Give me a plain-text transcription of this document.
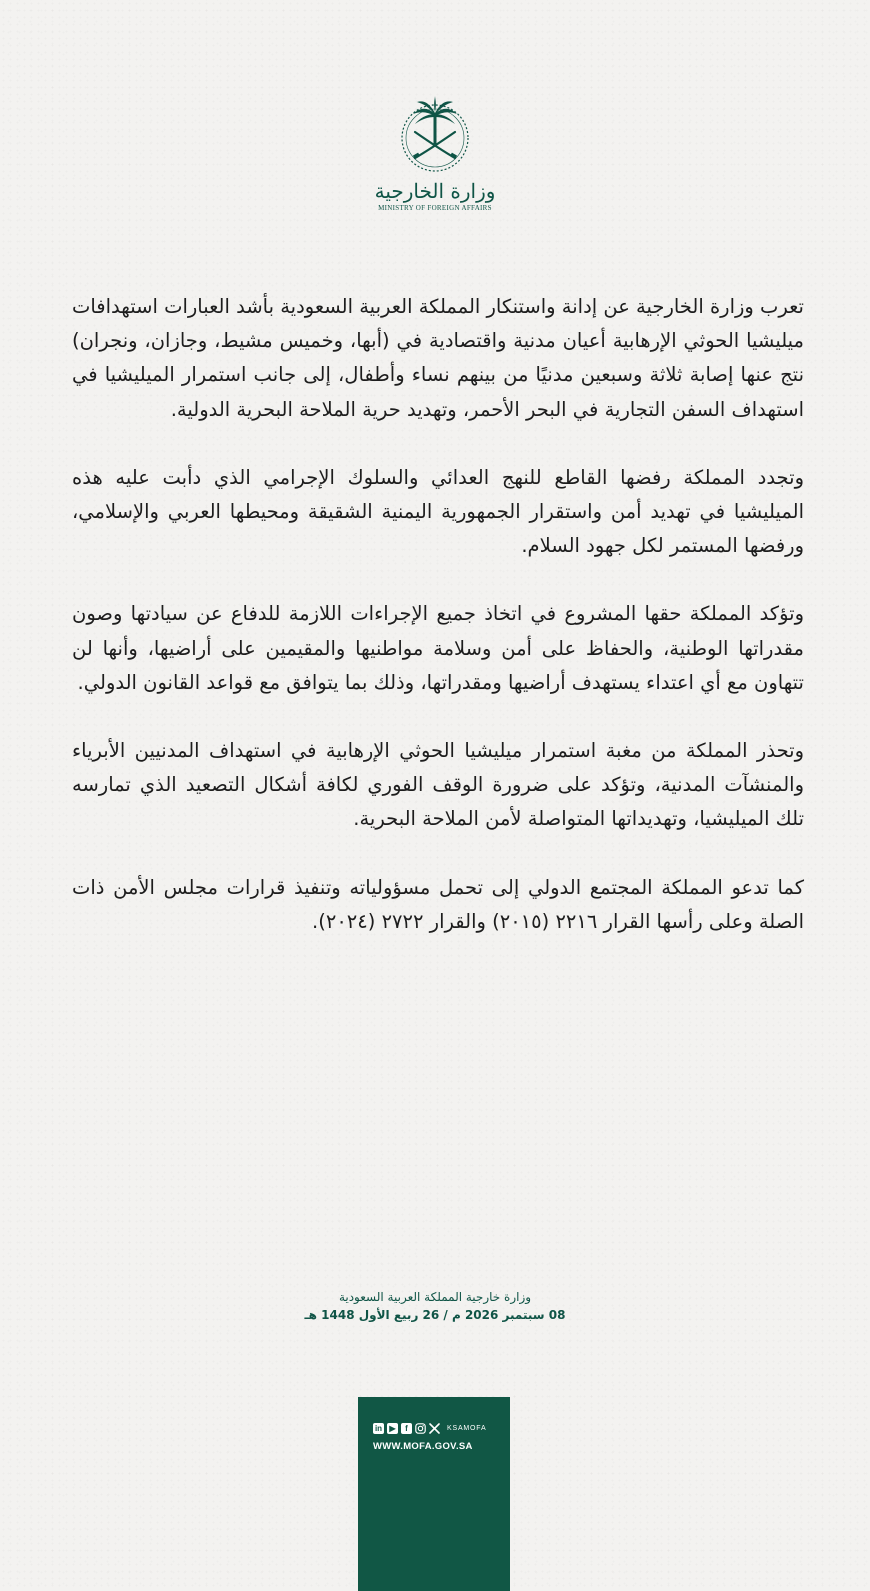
وزارة الخارجية
MINISTRY OF FOREIGN AFFAIRS

تعرب وزارة الخارجية عن إدانة واستنكار المملكة العربية السعودية بأشد العبارات استهدافات ميليشيا الحوثي الإرهابية أعيان مدنية واقتصادية في (أبها، وخميس مشيط، وجازان، ونجران) نتج عنها إصابة ثلاثة وسبعين مدنيًا من بينهم نساء وأطفال، إلى جانب استمرار الميليشيا في استهداف السفن التجارية في البحر الأحمر، وتهديد حرية الملاحة البحرية الدولية.

وتجدد المملكة رفضها القاطع للنهج العدائي والسلوك الإجرامي الذي دأبت عليه هذه الميليشيا في تهديد أمن واستقرار الجمهورية اليمنية الشقيقة ومحيطها العربي والإسلامي، ورفضها المستمر لكل جهود السلام.

وتؤكد المملكة حقها المشروع في اتخاذ جميع الإجراءات اللازمة للدفاع عن سيادتها وصون مقدراتها الوطنية، والحفاظ على أمن وسلامة مواطنيها والمقيمين على أراضيها، وأنها لن تتهاون مع أي اعتداء يستهدف أراضيها ومقدراتها، وذلك بما يتوافق مع قواعد القانون الدولي.

وتحذر المملكة من مغبة استمرار ميليشيا الحوثي الإرهابية في استهداف المدنيين الأبرياء والمنشآت المدنية، وتؤكد على ضرورة الوقف الفوري لكافة أشكال التصعيد الذي تمارسه تلك الميليشيا، وتهديداتها المتواصلة لأمن الملاحة البحرية.

كما تدعو المملكة المجتمع الدولي إلى تحمل مسؤولياته وتنفيذ قرارات مجلس الأمن ذات الصلة وعلى رأسها القرار ٢٢١٦ (٢٠١٥) والقرار ٢٧٢٢ (٢٠٢٤).

وزارة خارجية المملكة العربية السعودية
08 سبتمبر 2026 م / 26 ربيع الأول 1448 هـ
in ▶	f	KSAMOFA
WWW.MOFA.GOV.SA
